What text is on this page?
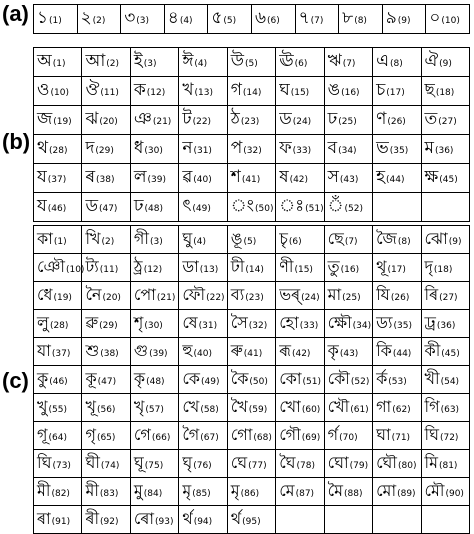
(a) ১(1)	২(2)	৩(3)	৪(4)	৫(5)	৬(6)	৭(7)	৮(8)	৯(9)	০(10)
(b)
অ(1)	আ(2)	ই(3)	ঈ(4)	উ(5)	ঊ(6)	ঋ(7)	এ(8)	ঐ(9)
ও(10)	ঔ(11)	ক(12)	খ(13)	গ(14)	ঘ(15)	ঙ(16)	চ(17)	ছ(18)
জ(19)	ঝ(20)	ঞ(21)	ট(22)	ঠ(23)	ড(24)	ঢ(25)	ণ(26)	ত(27)
থ(28)	দ(29)	ধ(30)	ন(31)	প(32)	ফ(33)	ব(34)	ভ(35)	ম(36)
য(37)	ৰ(38)	ল(39)	ৱ(40)	শ(41)	ষ(42)	স(43)	হ(44)	ক্ষ(45)
য(46)	ড(47)	ঢ(48)	ৎ(49)	ং(50)	ঃ(51)	ঁ(52)		
(c)
কা(1)	খি(2)	গী(3)	ঘু(4)	ঙূ(5)	চৃ(6)	ছে(7)	জৈ(8)	ঝো(9)
ঞৌ(10)	ট্য(11)	ঠ্র(12)	ডা(13)	ঢী(14)	ণী(15)	তু(16)	থূ(17)	দৃ(18)
ধে(19)	নৈ(20)	পো(21)	ফৌ(22)	ব্য(23)	ভৰ্(24)	মা(25)	যি(26)	ৰি(27)
লু(28)	ৱু(29)	শৃ(30)	ষে(31)	সৈ(32)	হো(33)	ক্ষৌ(34)	ড্য(35)	ঢ্র(36)
যা(37)	শু(38)	গু(39)	হু(40)	ৰু(41)	ৰূ(42)	কৃ(43)	কি(44)	কী(45)
কু(46)	কূ(47)	কৃ(48)	কে(49)	কৈ(50)	কো(51)	কৌ(52)	ৰ্ক(53)	খী(54)
খু(55)	খূ(56)	খৃ(57)	খে(58)	খৈ(59)	খো(60)	খৌ(61)	গা(62)	গি(63)
গূ(64)	গৃ(65)	গে(66)	গৈ(67)	গো(68)	গৌ(69)	ৰ্গ(70)	ঘা(71)	ঘি(72)
ঘি(73)	ঘী(74)	ঘূ(75)	ঘৃ(76)	ঘে(77)	ঘৈ(78)	ঘো(79)	ঘৌ(80)	মি(81)
মী(82)	মী(83)	মু(84)	মৃ(85)	মৃ(86)	মে(87)	মৈ(88)	মো(89)	মৌ(90)
ৰা(91)	ৰী(92)	ৰো(93)	র্থ(94)	ৰ্থ(95)				
